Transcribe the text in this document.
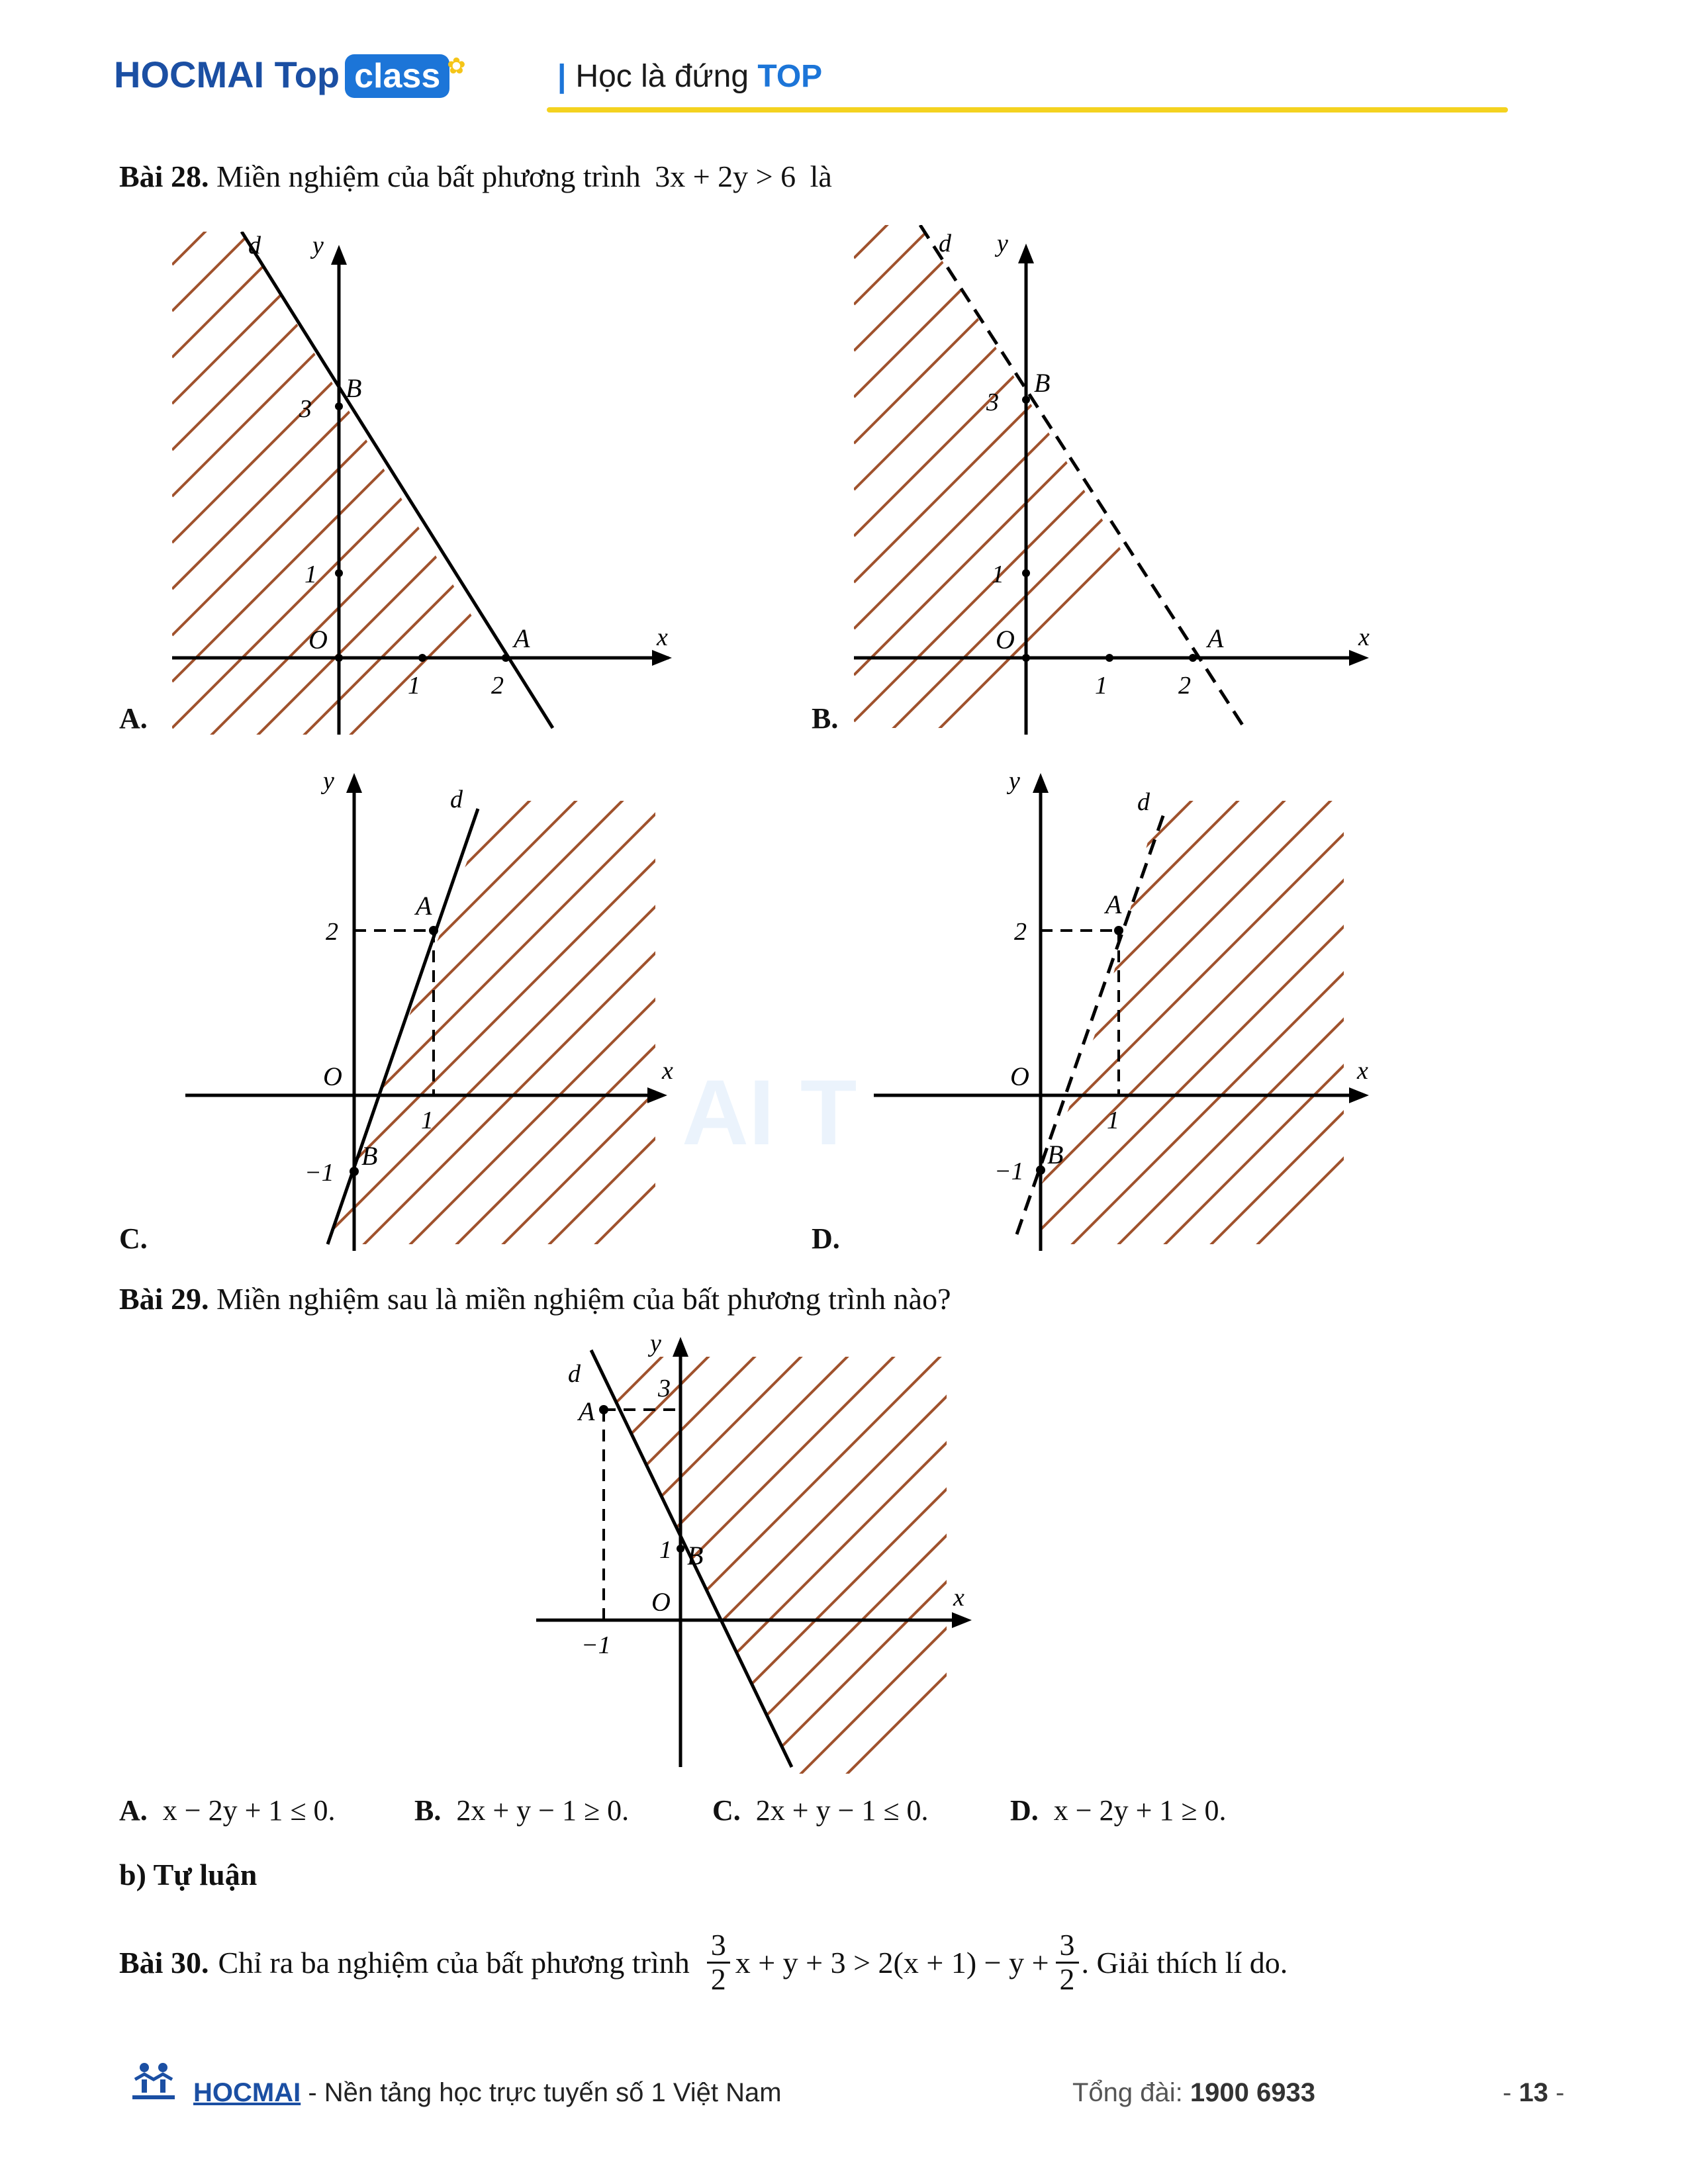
HOCMAI Top class ✿	| Học là đứng TOP
Bài 28. Miền nghiệm của bất phương trình 3x + 2y > 6 là
d y
x
B
A
O
3
1
1	2
A.
d y
x
B
A
O
3
1
1	2
B.
d
y
x
A
B
O
2
1
−1
C.
AI T
d
y
x
A
B
O
2
1
−1
D.
Bài 29. Miền nghiệm sau là miền nghiệm của bất phương trình nào?
d
y
x
A
B
O
3
1
−1
A. x − 2y + 1 ≤ 0.	B. 2x + y − 1 ≥ 0.	C. 2x + y − 1 ≤ 0.	D. x − 2y + 1 ≥ 0.
b) Tự luận
Bài 30. Chỉ ra ba nghiệm của bất phương trình $\frac{3}{2}$ $x + y + 3 > 2(x + 1) - y + \frac{3}{2}$ . Giải thích lí do.
HOCMAI - Nền tảng học trực tuyến số 1 Việt Nam	Tổng đài: 1900 6933	- 13 -
